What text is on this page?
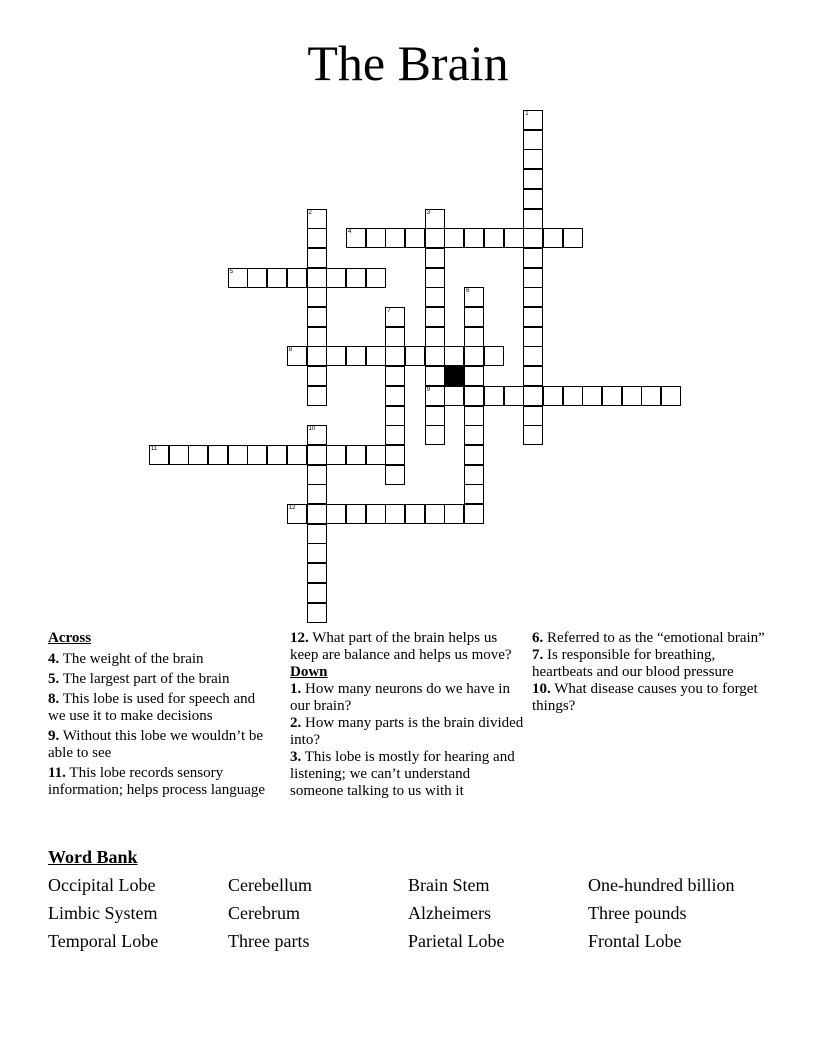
The Brain
1
2	3
9
4
5
6
7
8
10
11
12
Across
4. The weight of the brain
5. The largest part of the brain
8. This lobe is used for speech and we use it to make decisions
9. Without this lobe we wouldn’t be able to see
11. This lobe records sensory information; helps process language
12. What part of the brain helps us keep are balance and helps us move?
Down
1. How many neurons do we have in our brain?
2. How many parts is the brain divided into?
3. This lobe is mostly for hearing and listening; we can’t understand someone talking to us with it
6. Referred to as the “emotional brain”
7. Is responsible for breathing, heartbeats and our blood pressure
10. What disease causes you to forget things?
Word Bank
Occipital Lobe	Cerebellum	Brain Stem	One-hundred billion
Limbic System	Cerebrum	Alzheimers	Three pounds
Temporal Lobe	Three parts	Parietal Lobe	Frontal Lobe
